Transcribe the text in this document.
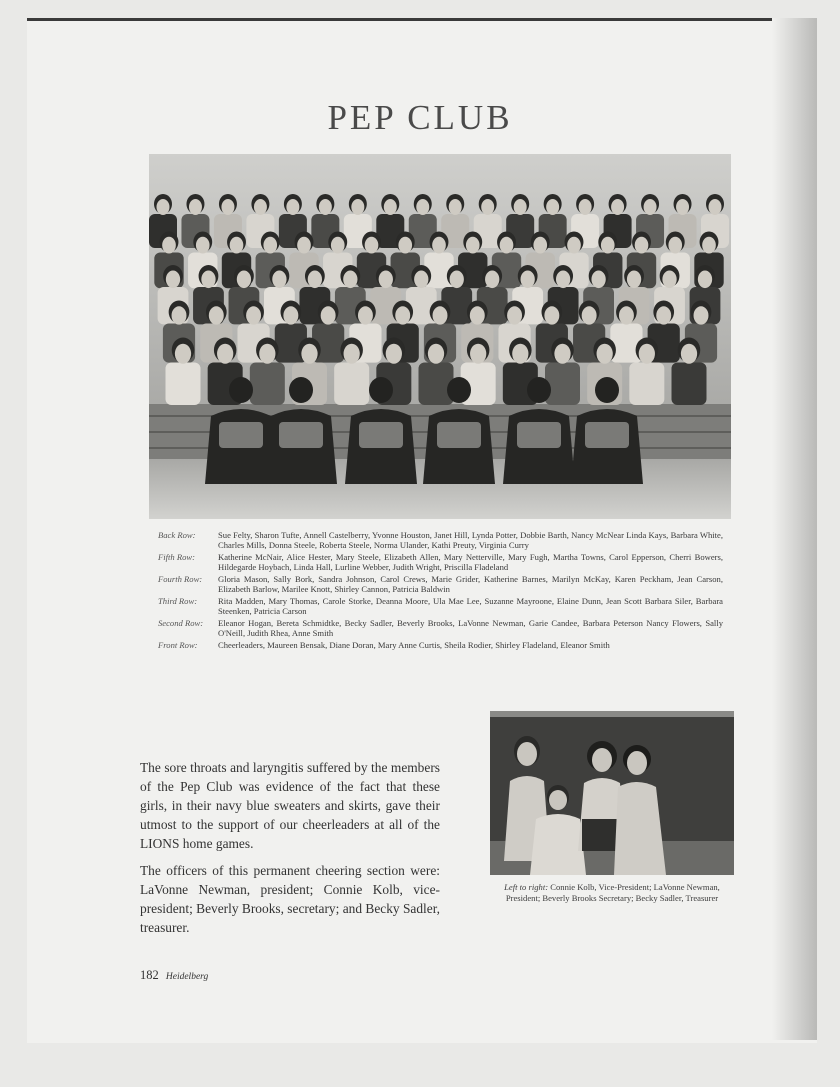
PEP CLUB
Back Row:	Sue Felty, Sharon Tufte, Annell Castelberry, Yvonne Houston, Janet Hill, Lynda Potter, Dobbie Barth, Nancy McNear Linda Kays, Barbara White, Charles Mills, Donna Steele, Roberta Steele, Norma Ulander, Kathi Preuty, Virginia Curry
Fifth Row:	Katherine McNair, Alice Hester, Mary Steele, Elizabeth Allen, Mary Netterville, Mary Fugh, Martha Towns, Carol Epperson, Cherri Bowers, Hildegarde Hoybach, Linda Hall, Lurline Webber, Judith Wright, Priscilla Fladeland
Fourth Row:	Gloria Mason, Sally Bork, Sandra Johnson, Carol Crews, Marie Grider, Katherine Barnes, Marilyn McKay, Karen Peckham, Jean Carson, Elizabeth Barlow, Marilee Knott, Shirley Cannon, Patricia Baldwin
Third Row:	Rita Madden, Mary Thomas, Carole Storke, Deanna Moore, Ula Mae Lee, Suzanne Mayroone, Elaine Dunn, Jean Scott Barbara Siler, Barbara Steenken, Patricia Carson
Second Row:	Eleanor Hogan, Bereta Schmidtke, Becky Sadler, Beverly Brooks, LaVonne Newman, Garie Candee, Barbara Peterson Nancy Flowers, Sally O'Neill, Judith Rhea, Anne Smith
Front Row:	Cheerleaders, Maureen Bensak, Diane Doran, Mary Anne Curtis, Sheila Rodier, Shirley Fladeland, Eleanor Smith

The sore throats and laryngitis suffered by the members of the Pep Club was evidence of the fact that these girls, in their navy blue sweaters and skirts, gave their utmost to the support of our cheerleaders at all of the LIONS home games.

The officers of this permanent cheering section were: LaVonne Newman, president; Connie Kolb, vice-president; Beverly Brooks, secretary; and Becky Sadler, treasurer.

Left to right: Connie Kolb, Vice-President; LaVonne Newman, President; Beverly Brooks Secretary; Becky Sadler, Treasurer
182 Heidelberg
